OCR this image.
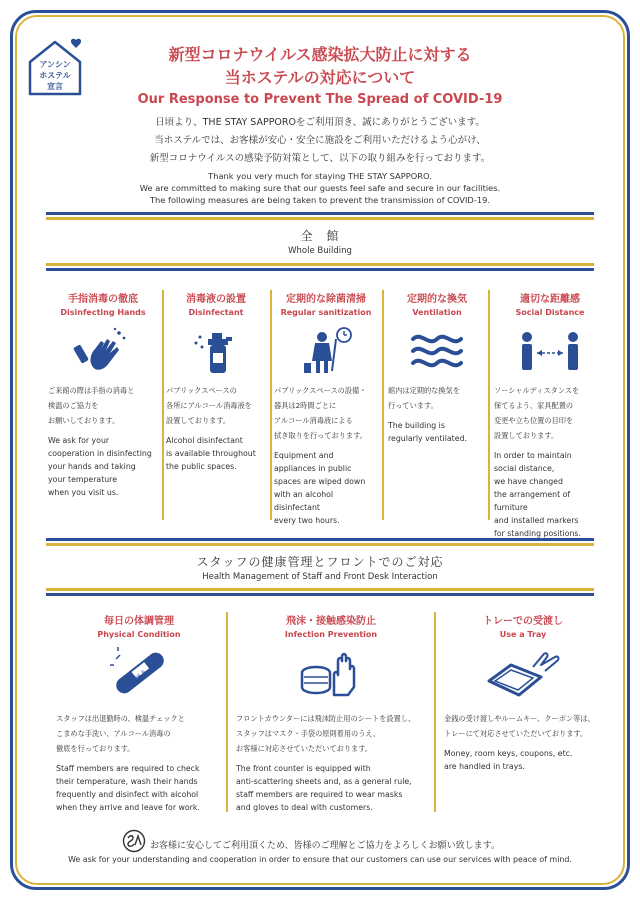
アンシン
ホステル
宣言
新型コロナウイルス感染拡大防止に対する
当ホステルの対応について
Our Response to Prevent The Spread of COVID-19
日頃より、THE STAY SAPPOROをご利用頂き、誠にありがとうございます。
当ホステルでは、お客様が安心・安全に施設をご利用いただけるよう心がけ、
新型コロナウイルスの感染予防対策として、以下の取り組みを行っております。
Thank you very much for staying THE STAY SAPPORO.
We are committed to making sure that our guests feel safe and secure in our facilities.
The following measures are being taken to prevent the transmission of COVID-19.
全　館
Whole Building
手指消毒の徹底
Disinfecting Hands
ご来館の際は手指の消毒と
検温のご協力を
お願いしております。
We ask for your
cooperation in disinfecting
your hands and taking
your temperature
when you visit us.
消毒液の設置
Disinfectant
パブリックスペースの
各所にアルコール消毒液を
設置しております。
Alcohol disinfectant
is available throughout
the public spaces.
定期的な除菌清掃
Regular sanitization
パブリックスペースの設備・
器具は2時間ごとに
アルコール消毒液による
拭き取りを行っております。
Equipment and
appliances in public
spaces are wiped down
with an alcohol
disinfectant
every two hours.
定期的な換気
Ventilation
館内は定期的な換気を
行っています。
The building is
regularly ventilated.
適切な距離感
Social Distance
ソーシャルディスタンスを
保てるよう、家具配置の
変更や立ち位置の目印を
設置しております。
In order to maintain
social distance,
we have changed
the arrangement of furniture
and installed markers
for standing positions.
スタッフの健康管理とフロントでのご対応
Health Management of Staff and Front Desk Interaction
毎日の体調管理
Physical Condition
36.5
スタッフは出退勤時の、検温チェックと
こまめな手洗い、アルコール消毒の
徹底を行っております。
Staff members are required to check
their temperature, wash their hands
frequently and disinfect with alcohol
when they arrive and leave for work.
飛沫・接触感染防止
Infection Prevention
フロントカウンターには飛沫防止用のシートを設置し、
スタッフはマスク・手袋の原則着用のうえ、
お客様に対応させていただいております。
The front counter is equipped with
anti-scattering sheets and, as a general rule,
staff members are required to wear masks
and gloves to deal with customers.
トレーでの受渡し
Use a Tray
金銭の受け渡しやルームキー、クーポン等は、
トレーにて対応させていただいております。
Money, room keys, coupons, etc.
are handled in trays.
お客様に安心してご利用頂くため、皆様のご理解とご協力をよろしくお願い致します。
We ask for your understanding and cooperation in order to ensure that our customers can use our services with peace of mind.
